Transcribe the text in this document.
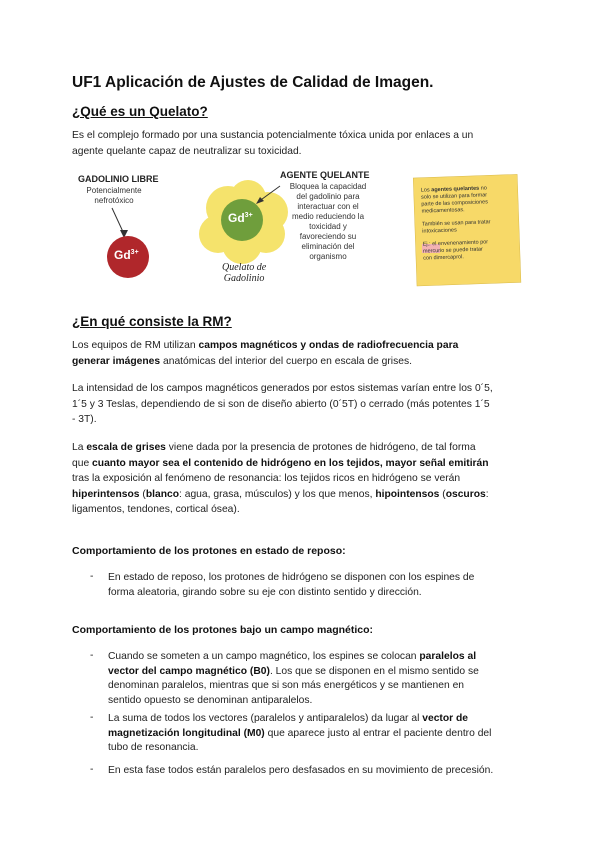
UF1 Aplicación de Ajustes de Calidad de Imagen.

¿Qué es un Quelato?

Es el complejo formado por una sustancia potencialmente tóxica unida por enlaces a un

agente quelante capaz de neutralizar su toxicidad.

GADOLINIO LIBRE
Potencialmente
nefrotóxico
$Gd^{3+}$
$Gd^{3+}$
Quelato de
Gadolinio
AGENTE QUELANTE
Bloquea la capacidad
del gadolinio para
interactuar con el
medio reduciendo la
toxicidad y
favoreciendo su
eliminación del
organismo
Los agentes quelantes no
solo se utilizan para formar
parte de las composiciones
medicamentosas.
También se usan para tratar
intoxicaciones
Ej.: el envenenamiento por
mercurio se puede tratar
con dimercaprol.

¿En qué consiste la RM?

Los equipos de RM utilizan campos magnéticos y ondas de radiofrecuencia para

generar imágenes anatómicas del interior del cuerpo en escala de grises.

La intensidad de los campos magnéticos generados por estos sistemas varían entre los 0´5,

1´5 y 3 Teslas, dependiendo de si son de diseño abierto (0´5T) o cerrado (más potentes 1´5

- 3T).

La escala de grises viene dada por la presencia de protones de hidrógeno, de tal forma

que cuanto mayor sea el contenido de hidrógeno en los tejidos, mayor señal emitirán

tras la exposición al fenómeno de resonancia: los tejidos ricos en hidrógeno se verán

hiperintensos (blanco: agua, grasa, músculos) y los que menos, hipointensos (oscuros:

ligamentos, tendones, cortical ósea).

Comportamiento de los protones en estado de reposo:

- En estado de reposo, los protones de hidrógeno se disponen con los espines de
forma aleatoria, girando sobre su eje con distinto sentido y dirección.

Comportamiento de los protones bajo un campo magnético:

- Cuando se someten a un campo magnético, los espines se colocan paralelos al
vector del campo magnético (B0). Los que se disponen en el mismo sentido se
denominan paralelos, mientras que si son más energéticos y se mantienen en
sentido opuesto se denominan antiparalelos.
- La suma de todos los vectores (paralelos y antiparalelos) da lugar al vector de
magnetización longitudinal (M0) que aparece justo al entrar el paciente dentro del
tubo de resonancia.
- En esta fase todos están paralelos pero desfasados en su movimiento de precesión.
